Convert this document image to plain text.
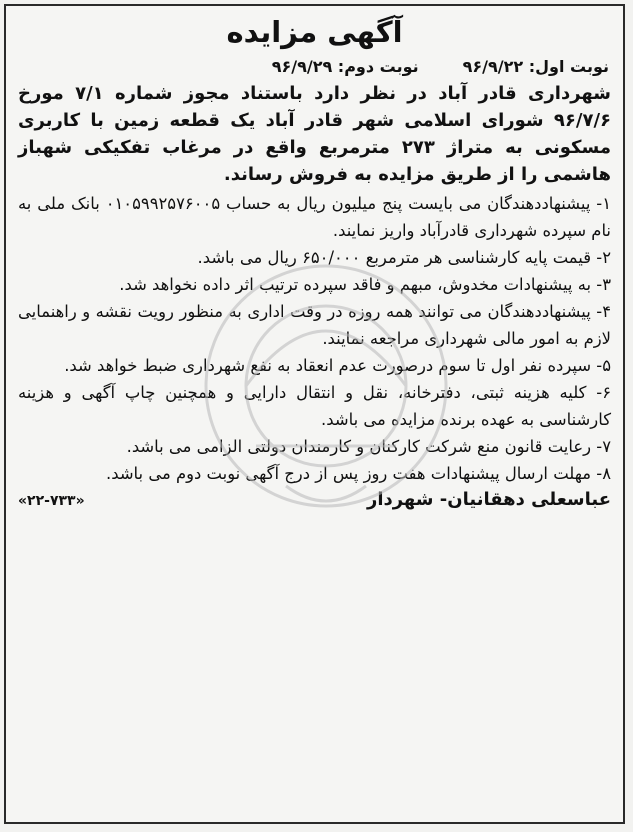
آگهی مزایده
نوبت اول: ۹۶/۹/۲۲
نوبت دوم: ۹۶/۹/۲۹

شهرداری قادر آباد در نظر دارد باستناد مجوز شماره ۷/۱ مورخ ۹۶/۷/۶ شورای اسلامی شهر قادر آباد یک قطعه زمین با کاربری مسکونی به متراژ ۲۷۳ مترمربع واقع در مرغاب تفکیکی شهباز هاشمی را از طریق مزایده به فروش رساند.

۱- پیشنهاددهندگان می بایست پنج میلیون ریال به حساب ۰۱۰۵۹۹۲۵۷۶۰۰۵ بانک ملی به نام سپرده شهرداری قادرآباد واریز نمایند.
۲- قیمت پایه کارشناسی هر مترمربع ۶۵۰/۰۰۰ ریال می باشد.
۳- به پیشنهادات مخدوش، مبهم و فاقد سپرده ترتیب اثر داده نخواهد شد.
۴- پیشنهاددهندگان می توانند همه روزه در وقت اداری به منظور رویت نقشه و راهنمایی لازم به امور مالی شهرداری مراجعه نمایند.
۵- سپرده نفر اول تا سوم درصورت عدم انعقاد به نفع شهرداری ضبط خواهد شد.
۶- کلیه هزینه ثبتی، دفترخانه، نقل و انتقال دارایی و همچنین چاپ آگهی و هزینه کارشناسی به عهده برنده مزایده می باشد.
۷- رعایت قانون منع شرکت کارکنان و کارمندان دولتی الزامی می باشد.
۸- مهلت ارسال پیشنهادات هفت روز پس از درج آگهی نوبت دوم می باشد.
عباسعلی دهقانیان- شهردار
«۲۲-۷۳۳»
